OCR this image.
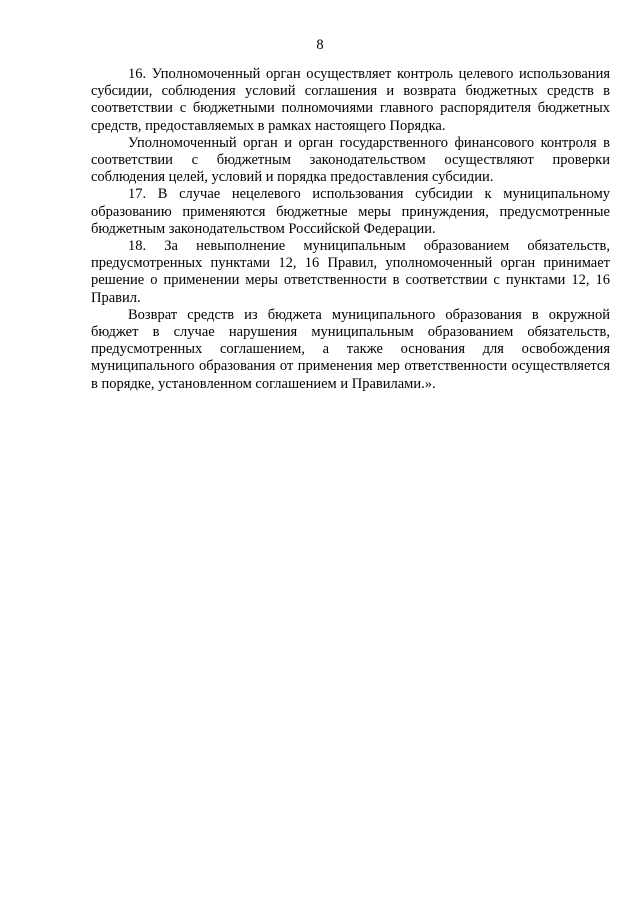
8

16. Уполномоченный орган осуществляет контроль целевого использования субсидии, соблюдения условий соглашения и возврата бюджетных средств в соответствии с бюджетными полномочиями главного распорядителя бюджетных средств, предоставляемых в рамках настоящего Порядка.

Уполномоченный орган и орган государственного финансового контроля в соответствии с бюджетным законодательством осуществляют проверки соблюдения целей, условий и порядка предоставления субсидии.

17. В случае нецелевого использования субсидии к муниципальному образованию применяются бюджетные меры принуждения, предусмотренные бюджетным законодательством Российской Федерации.

18. За невыполнение муниципальным образованием обязательств, предусмотренных пунктами 12, 16 Правил, уполномоченный орган принимает решение о применении меры ответственности в соответствии с пунктами 12, 16 Правил.

Возврат средств из бюджета муниципального образования в окружной бюджет в случае нарушения муниципальным образованием обязательств, предусмотренных соглашением, а также основания для освобождения муниципального образования от применения мер ответственности осуществляется в порядке, установленном соглашением и Правилами.».
